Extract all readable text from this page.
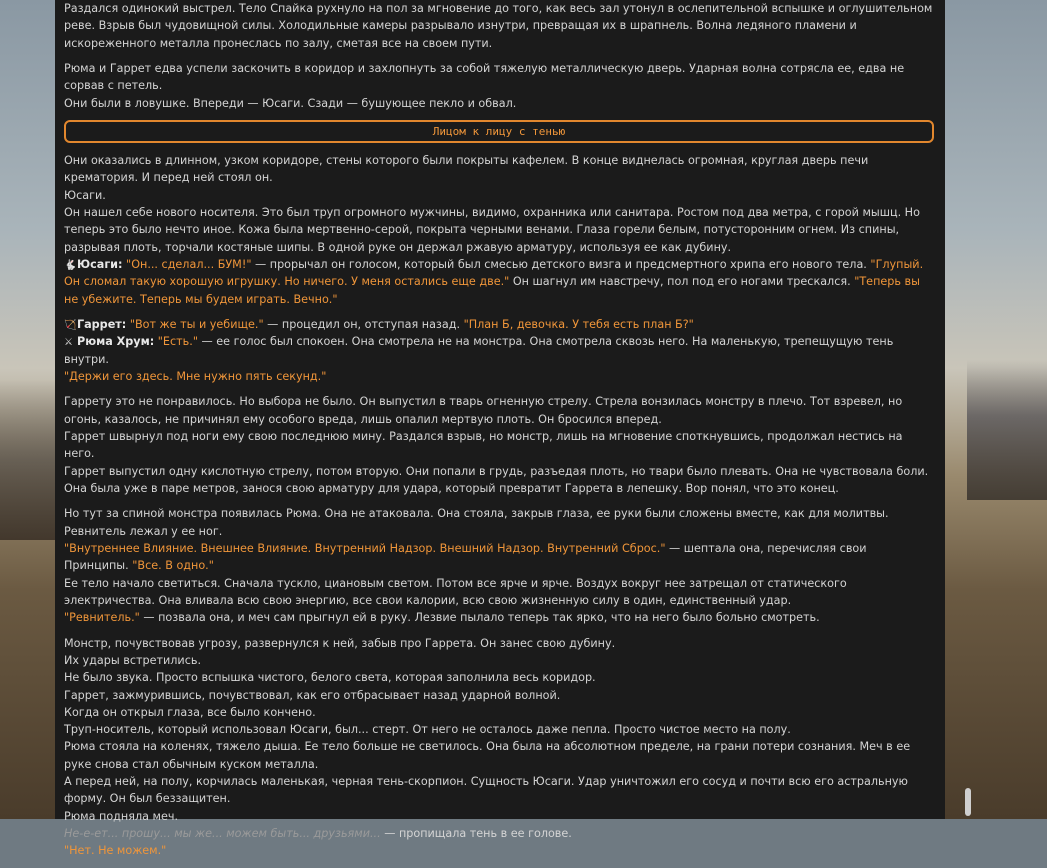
Раздался одинокий выстрел. Тело Спайка рухнуло на пол за мгновение до того, как весь зал утонул в ослепительной вспышке и оглушительном реве. Взрыв был чудовищной силы. Холодильные камеры разрывало изнутри, превращая их в шрапнель. Волна ледяного пламени и искореженного металла пронеслась по залу, сметая все на своем пути.

Рюма и Гаррет едва успели заскочить в коридор и захлопнуть за собой тяжелую металлическую дверь. Ударная волна сотрясла ее, едва не сорвав с петель.
Они были в ловушке. Впереди — Юсаги. Сзади — бушующее пекло и обвал.

Лицом к лицу с тенью

Они оказались в длинном, узком коридоре, стены которого были покрыты кафелем. В конце виднелась огромная, круглая дверь печи крематория. И перед ней стоял он.
Юсаги.
Он нашел себе нового носителя. Это был труп огромного мужчины, видимо, охранника или санитара. Ростом под два метра, с горой мышц. Но теперь это было нечто иное. Кожа была мертвенно-серой, покрыта черными венами. Глаза горели белым, потусторонним огнем. Из спины, разрывая плоть, торчали костяные шипы. В одной руке он держал ржавую арматуру, используя ее как дубину.
🐇Юсаги: "Он... сделал... БУМ!" — прорычал он голосом, который был смесью детского визга и предсмертного хрипа его нового тела. "Глупый. Он сломал такую хорошую игрушку. Но ничего. У меня остались еще две." Он шагнул им навстречу, пол под его ногами трескался. "Теперь вы не убежите. Теперь мы будем играть. Вечно."

🏹Гаррет: "Вот же ты и уебище." — процедил он, отступая назад. "План Б, девочка. У тебя есть план Б?"
⚔ Рюма Хрум: "Есть." — ее голос был спокоен. Она смотрела не на монстра. Она смотрела сквозь него. На маленькую, трепещущую тень внутри.
"Держи его здесь. Мне нужно пять секунд."

Гаррету это не понравилось. Но выбора не было. Он выпустил в тварь огненную стрелу. Стрела вонзилась монстру в плечо. Тот взревел, но огонь, казалось, не причинял ему особого вреда, лишь опалил мертвую плоть. Он бросился вперед.
Гаррет швырнул под ноги ему свою последнюю мину. Раздался взрыв, но монстр, лишь на мгновение споткнувшись, продолжал нестись на него.
Гаррет выпустил одну кислотную стрелу, потом вторую. Они попали в грудь, разъедая плоть, но твари было плевать. Она не чувствовала боли.
Она была уже в паре метров, занося свою арматуру для удара, который превратит Гаррета в лепешку. Вор понял, что это конец.

Но тут за спиной монстра появилась Рюма. Она не атаковала. Она стояла, закрыв глаза, ее руки были сложены вместе, как для молитвы. Ревнитель лежал у ее ног.
"Внутреннее Влияние. Внешнее Влияние. Внутренний Надзор. Внешний Надзор. Внутренний Сброс." — шептала она, перечисляя свои Принципы. "Все. В одно."
Ее тело начало светиться. Сначала тускло, циановым светом. Потом все ярче и ярче. Воздух вокруг нее затрещал от статического электричества. Она вливала всю свою энергию, все свои калории, всю свою жизненную силу в один, единственный удар.
"Ревнитель." — позвала она, и меч сам прыгнул ей в руку. Лезвие пылало теперь так ярко, что на него было больно смотреть.

Монстр, почувствовав угрозу, развернулся к ней, забыв про Гаррета. Он занес свою дубину.
Их удары встретились.
Не было звука. Просто вспышка чистого, белого света, которая заполнила весь коридор.
Гаррет, зажмурившись, почувствовал, как его отбрасывает назад ударной волной.
Когда он открыл глаза, все было кончено.
Труп-носитель, который использовал Юсаги, был... стерт. От него не осталось даже пепла. Просто чистое место на полу.
Рюма стояла на коленях, тяжело дыша. Ее тело больше не светилось. Она была на абсолютном пределе, на грани потери сознания. Меч в ее руке снова стал обычным куском металла.
А перед ней, на полу, корчилась маленькая, черная тень-скорпион. Сущность Юсаги. Удар уничтожил его сосуд и почти всю его астральную форму. Он был беззащитен.
Рюма подняла меч.
Не-е-ет... прошу... мы же... можем быть... друзьями... — пропищала тень в ее голове.
"Нет. Не можем."
